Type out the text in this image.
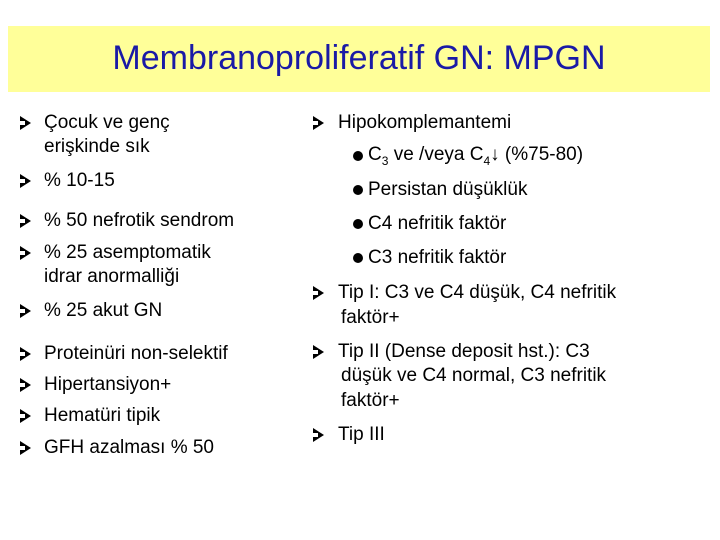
Membranoproliferatif GN: MPGN
Çocuk ve genç
erişkinde sık
% 10-15
% 50 nefrotik sendrom
% 25 asemptomatik
idrar anormalliği
% 25 akut GN
Proteinüri non-selektif
Hipertansiyon+
Hematüri tipik
GFH azalması % 50
Hipokomplemantemi
$C_3$ ve /veya $C_4↓$ (%75-80)
Persistan düşüklük
C4 nefritik faktör
C3 nefritik faktör
Tip I: C3 ve C4 düşük, C4 nefritik
faktör+
Tip II (Dense deposit hst.): C3
düşük ve C4 normal, C3 nefritik
faktör+
Tip III
